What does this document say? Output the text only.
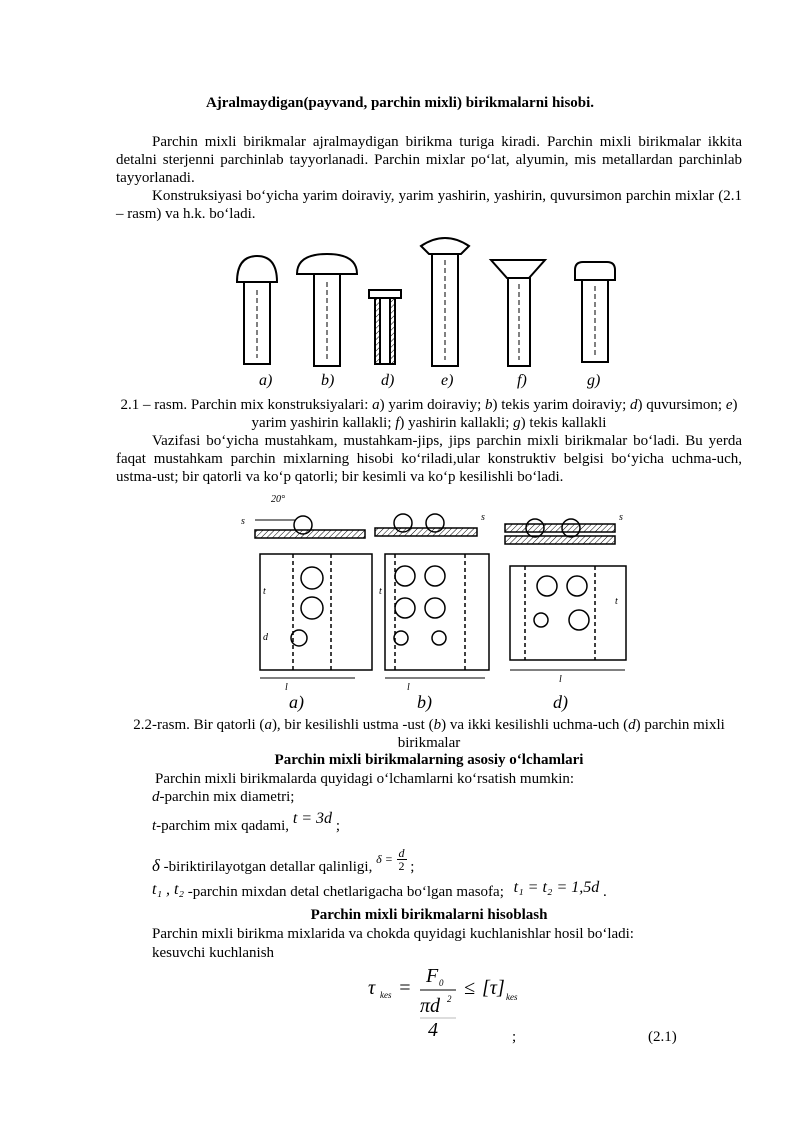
Ajralmaydigan(payvand, parchin mixli) birikmalarni hisobi.
Parchin mixli birikmalar ajralmaydigan birikma turiga kiradi. Parchin mixli birikmalar ikkita detalni sterjenni parchinlab tayyorlanadi. Parchin mixlar po‘lat, alyumin, mis metallardan parchinlab tayyorlanadi.
Konstruksiyasi bo‘yicha yarim doiraviy, yarim yashirin, yashirin, quvursimon parchin mixlar (2.1 – rasm) va h.k. bo‘ladi.
a)	b)	d)	e)	f)	g)
2.1 – rasm. Parchin mix konstruksiyalari: a) yarim doiraviy; b) tekis yarim doiraviy; d) quvursimon; e) yarim yashirin kallakli; f) yashirin kallakli; g) tekis kallakli
Vazifasi bo‘yicha mustahkam, mustahkam-jips, jips parchin mixli birikmalar bo‘ladi. Bu yerda faqat mustahkam parchin mixlarning hisobi ko‘riladi,ular konstruktiv belgisi bo‘yicha uchma-uch, ustma-ust; bir qatorli va ko‘p qatorli; bir kesimli va ko‘p kesilishli bo‘ladi.
20°
s
t
d
l
s
t
l
s
t
l
a)	b)	d)
2.2-rasm. Bir qatorli (a), bir kesilishli ustma -ust (b) va ikki kesilishli uchma-uch (d) parchin mixli birikmalar
Parchin mixli birikmalarning asosiy o‘lchamlari
Parchin mixli birikmalarda quyidagi o‘lchamlarni ko‘rsatish mumkin:
d-parchin mix diametri;
t-parchim mix qadami, t = 3d ;
δ -biriktirilayotgan detallar qalinligi, $^{\delta =} \frac{d}{2}$ ;
t₁ , t₂ -parchin mixdan detal chetlarigacha bo‘lgan masofa; t₁ = t₂ = 1,5d .
Parchin mixli birikmalarni hisoblash
Parchin mixli birikma mixlarida va chokda quyidagi kuchlanishlar hosil bo‘ladi:
kesuvchi kuchlanish
τ kes =
F 0
πd 2
4
≤ [τ] kes
;	(2.1)
